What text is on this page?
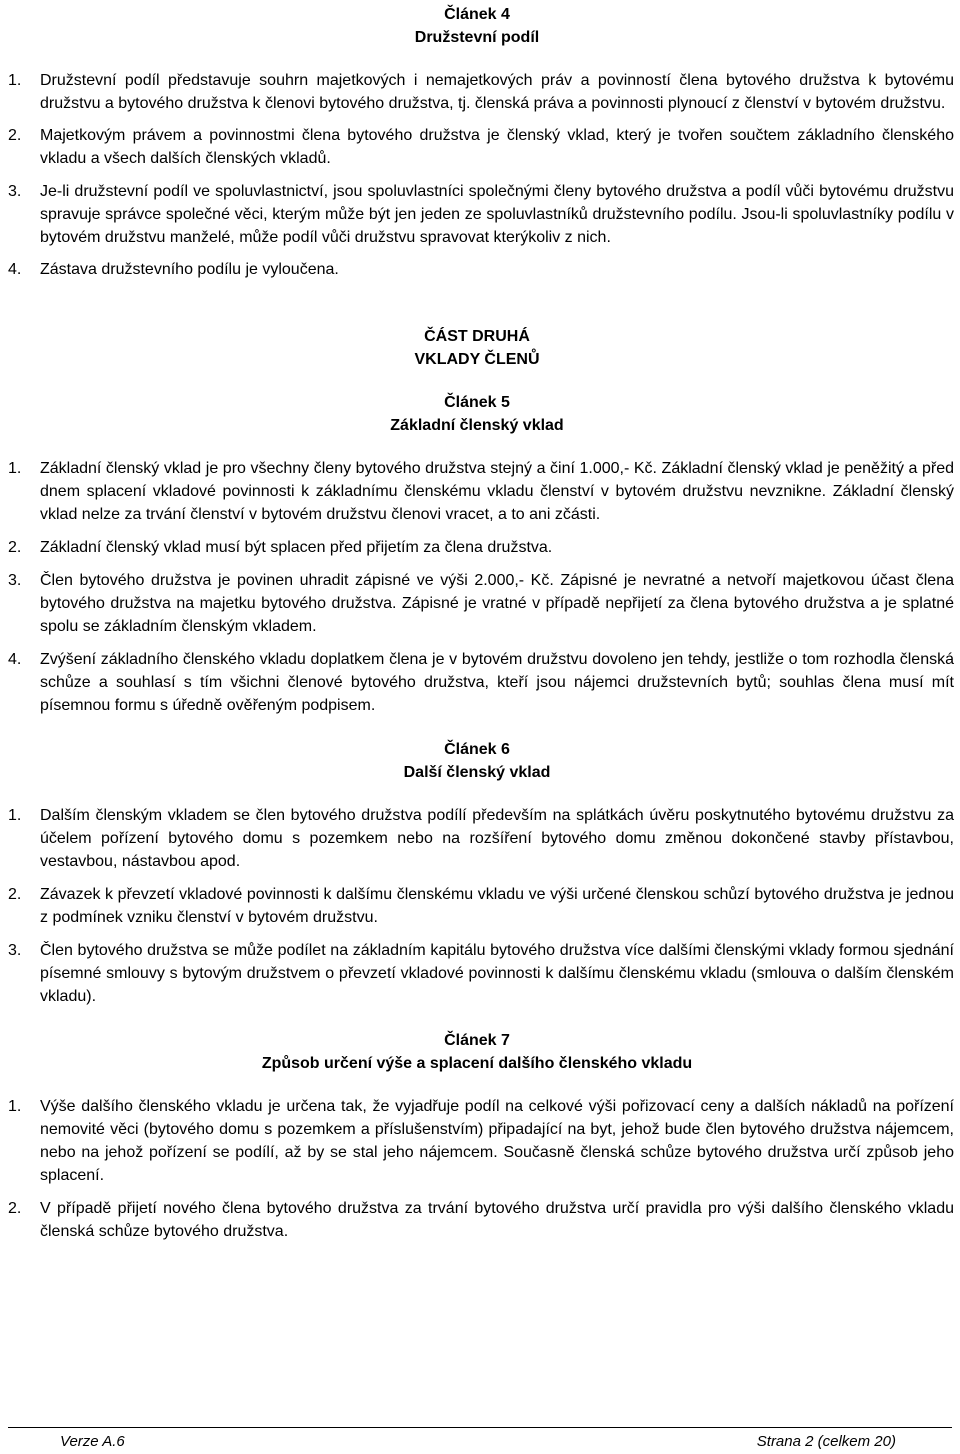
Článek 4
Družstevní podíl
1. Družstevní podíl představuje souhrn majetkových i nemajetkových práv a povinností člena bytového družstva k bytovému družstvu a bytového družstva k členovi bytového družstva, tj. členská práva a povinnosti plynoucí z členství v bytovém družstvu.
2. Majetkovým právem a povinnostmi člena bytového družstva je členský vklad, který je tvořen součtem základního členského vkladu a všech dalších členských vkladů.
3. Je-li družstevní podíl ve spoluvlastnictví, jsou spoluvlastníci společnými členy bytového družstva a podíl vůči bytovému družstvu spravuje správce společné věci, kterým může být jen jeden ze spoluvlastníků družstevního podílu. Jsou-li spoluvlastníky podílu v bytovém družstvu manželé, může podíl vůči družstvu spravovat kterýkoliv z nich.
4. Zástava družstevního podílu je vyloučena.
ČÁST DRUHÁ
VKLADY ČLENŮ
Článek 5
Základní členský vklad
1. Základní členský vklad je pro všechny členy bytového družstva stejný a činí 1.000,- Kč. Základní členský vklad je peněžitý a před dnem splacení vkladové povinnosti k základnímu členskému vkladu členství v bytovém družstvu nevznikne. Základní členský vklad nelze za trvání členství v bytovém družstvu členovi vracet, a to ani zčásti.
2. Základní členský vklad musí být splacen před přijetím za člena družstva.
3. Člen bytového družstva je povinen uhradit zápisné ve výši 2.000,- Kč. Zápisné je nevratné a netvoří majetkovou účast člena bytového družstva na majetku bytového družstva. Zápisné je vratné v případě nepřijetí za člena bytového družstva a je splatné spolu se základním členským vkladem.
4. Zvýšení základního členského vkladu doplatkem člena je v bytovém družstvu dovoleno jen tehdy, jestliže o tom rozhodla členská schůze a souhlasí s tím všichni členové bytového družstva, kteří jsou nájemci družstevních bytů; souhlas člena musí mít písemnou formu s úředně ověřeným podpisem.
Článek 6
Další členský vklad
1. Dalším členským vkladem se člen bytového družstva podílí především na splátkách úvěru poskytnutého bytovému družstvu za účelem pořízení bytového domu s pozemkem nebo na rozšíření bytového domu změnou dokončené stavby přístavbou, vestavbou, nástavbou apod.
2. Závazek k převzetí vkladové povinnosti k dalšímu členskému vkladu ve výši určené členskou schůzí bytového družstva je jednou z podmínek vzniku členství v bytovém družstvu.
3. Člen bytového družstva se může podílet na základním kapitálu bytového družstva více dalšími členskými vklady formou sjednání písemné smlouvy s bytovým družstvem o převzetí vkladové povinnosti k dalšímu členskému vkladu (smlouva o dalším členském vkladu).
Článek 7
Způsob určení výše a splacení dalšího členského vkladu
1. Výše dalšího členského vkladu je určena tak, že vyjadřuje podíl na celkové výši pořizovací ceny a dalších nákladů na pořízení nemovité věci (bytového domu s pozemkem a příslušenstvím) připadající na byt, jehož bude člen bytového družstva nájemcem, nebo na jehož pořízení se podílí, až by se stal jeho nájemcem. Současně členská schůze bytového družstva určí způsob jeho splacení.
2. V případě přijetí nového člena bytového družstva za trvání bytového družstva určí pravidla pro výši dalšího členského vkladu členská schůze bytového družstva.
Verze A.6	Strana 2 (celkem 20)
